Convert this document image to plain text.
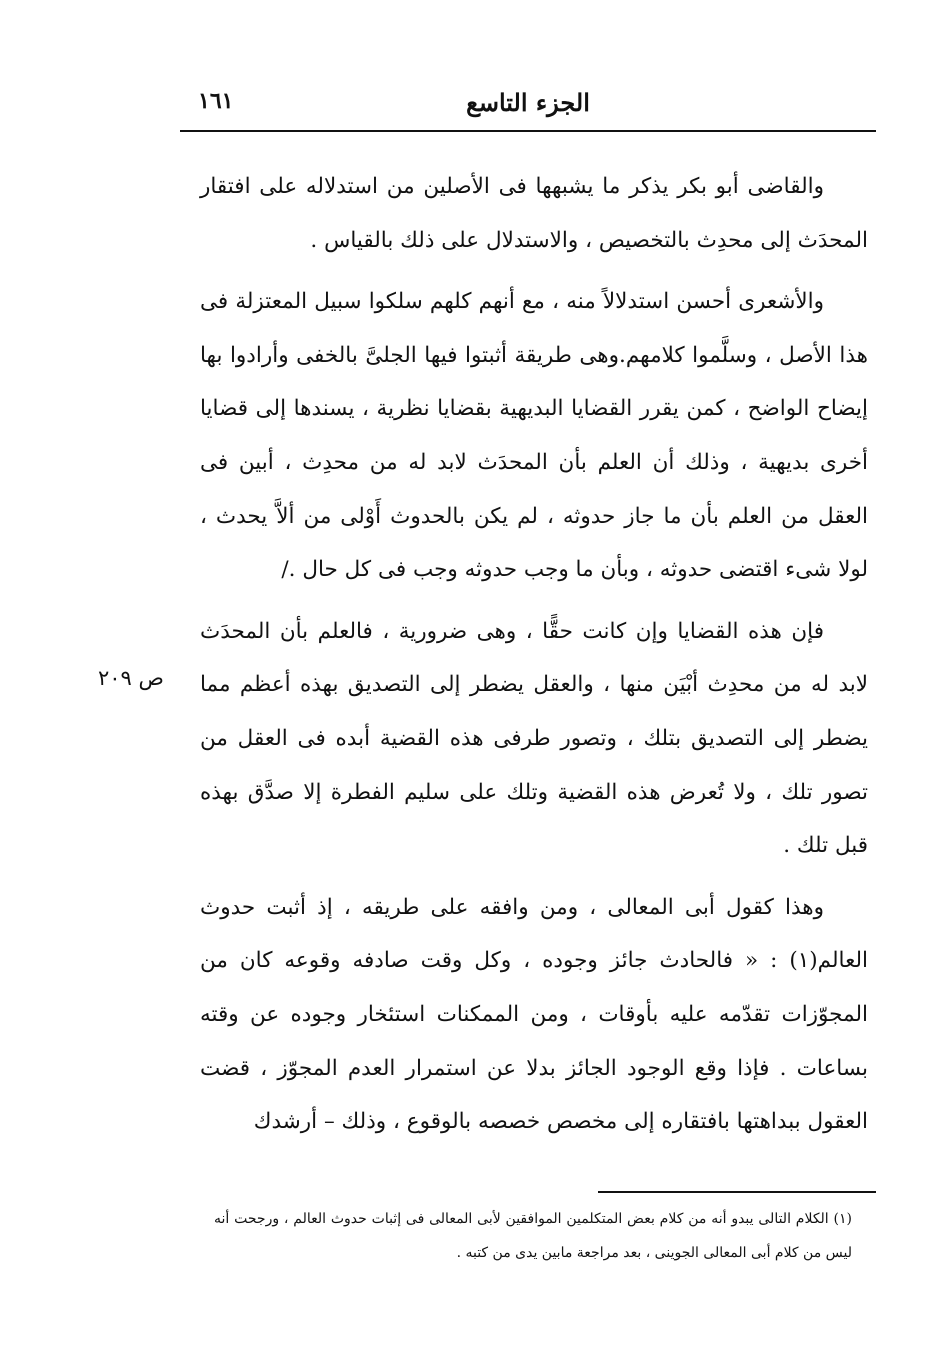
١٦١	الجزء التاسع
ص ٢٠٩

والقاضى أبو بكر يذكر ما يشبهها فى الأصلين من استدلاله على افتقار المحدَث إلى محدِث بالتخصيص ، والاستدلال على ذلك بالقياس .

والأشعرى أحسن استدلالاً منه ، مع أنهم كلهم سلكوا سبيل المعتزلة فى هذا الأصل ، وسلَّموا كلامهم.وهى طريقة أثبتوا فيها الجلىَّ بالخفى وأرادوا بها إيضاح الواضح ، كمن يقرر القضايا البديهية بقضايا نظرية ، يسندها إلى قضايا أخرى بديهية ، وذلك أن العلم بأن المحدَث لابد له من محدِث ، أبين فى العقل من العلم بأن ما جاز حدوثه ، لم يكن بالحدوث أَوْلى من ألاَّ يحدث ، لولا شىء اقتضى حدوثه ، وبأن ما وجب حدوثه وجب فى كل حال ./

فإن هذه القضايا وإن كانت حقًّا ، وهى ضرورية ، فالعلم بأن المحدَث لابد له من محدِث أبْيَن منها ، والعقل يضطر إلى التصديق بهذه أعظم مما يضطر إلى التصديق بتلك ، وتصور طرفى هذه القضية أبده فى العقل من تصور تلك ، ولا تُعرض هذه القضية وتلك على سليم الفطرة إلا صدَّق بهذه قبل تلك .

وهذا كقول أبى المعالى ، ومن وافقه على طريقه ، إذ أثبت حدوث العالم(١) : « فالحادث جائز وجوده ، وكل وقت صادفه وقوعه كان من المجوّزات تقدّمه عليه بأوقات ، ومن الممكنات استئخار وجوده عن وقته بساعات . فإذا وقع الوجود الجائز بدلا عن استمرار العدم المجوّز ، قضت العقول ببداهتها بافتقاره إلى مخصص خصصه بالوقوع ، وذلك – أرشدك

(١) الكلام التالى يبدو أنه من كلام بعض المتكلمين الموافقين لأبى المعالى فى إثبات حدوث العالم ، ورجحت أنه ليس من كلام أبى المعالى الجوينى ، بعد مراجعة مابين يدى من كتبه .
